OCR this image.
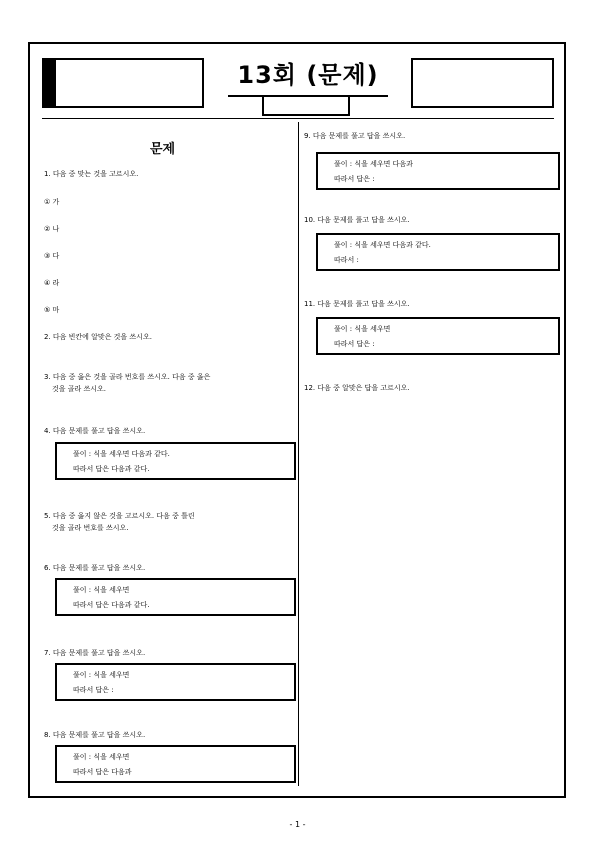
13회 (문제)
문제
1. 다음 중 맞는 것을 고르시오.
① 가
② 나
③ 다
④ 라
⑤ 마
2. 다음 빈칸에 알맞은 것을 쓰시오.
3. 다음 중 옳은 것을 골라 번호를 쓰시오. 다음 중 옳은
것을 골라 쓰시오.
4. 다음 문제를 풀고 답을 쓰시오.
풀이 : 식을 세우면 다음과 같다.
따라서 답은 다음과 같다.
5. 다음 중 옳지 않은 것을 고르시오. 다음 중 틀린
것을 골라 번호를 쓰시오.
6. 다음 문제를 풀고 답을 쓰시오.
풀이 : 식을 세우면
따라서 답은 다음과 같다.
7. 다음 문제를 풀고 답을 쓰시오.
풀이 : 식을 세우면
따라서 답은 :
8. 다음 문제를 풀고 답을 쓰시오.
풀이 : 식을 세우면
따라서 답은 다음과
9. 다음 문제를 풀고 답을 쓰시오.
풀이 : 식을 세우면 다음과
따라서 답은 :
10. 다음 문제를 풀고 답을 쓰시오.
풀이 : 식을 세우면 다음과 같다.
따라서 :
11. 다음 문제를 풀고 답을 쓰시오.
풀이 : 식을 세우면
따라서 답은 :
12. 다음 중 알맞은 답을 고르시오.
- 1 -
